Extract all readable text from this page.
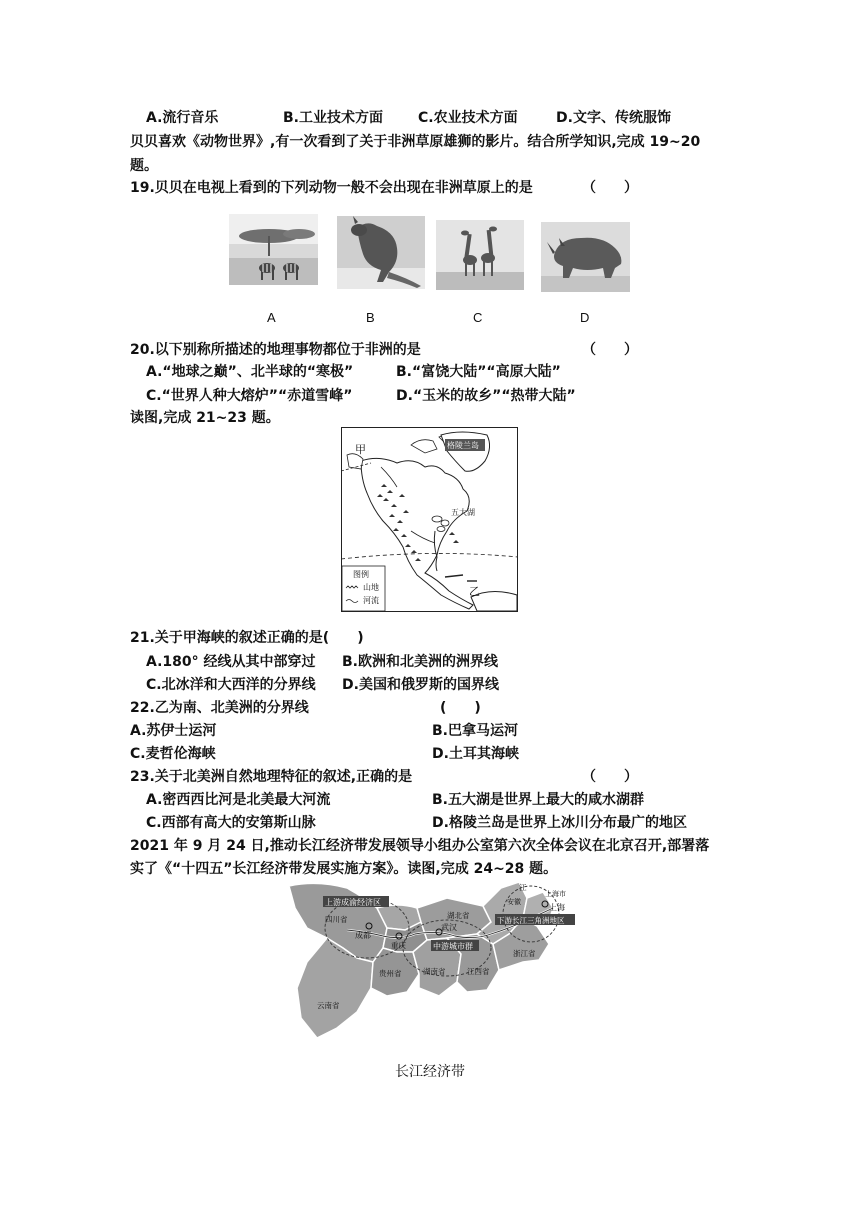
A.流行音乐	B.工业技术方面	C.农业技术方面	D.文字、传统服饰
贝贝喜欢《动物世界》,有一次看到了关于非洲草原雄狮的影片。结合所学知识,完成 19~20
题。
19.贝贝在电视上看到的下列动物一般不会出现在非洲草原上的是	（　　）
A	B	C	D
20.以下别称所描述的地理事物都位于非洲的是	（　　）
A.“地球之巅”、北半球的“寒极”	B.“富饶大陆”“高原大陆”
C.“世界人种大熔炉”“赤道雪峰”	D.“玉米的故乡”“热带大陆”
读图,完成 21~23 题。
格陵兰岛
五大湖
甲
乙
图例
山地
河流
21.关于甲海峡的叙述正确的是(　　)
A.180° 经线从其中部穿过 B.欧洲和北美洲的洲界线
C.北冰洋和大西洋的分界线 D.美国和俄罗斯的国界线
22.乙为南、北美洲的分界线	(　　)
A.苏伊士运河	B.巴拿马运河
C.麦哲伦海峡	D.土耳其海峡
23.关于北美洲自然地理特征的叙述,正确的是	（　　）
A.密西西比河是北美最大河流	B.五大湖是世界上最大的咸水湖群
C.西部有高大的安第斯山脉	D.格陵兰岛是世界上冰川分布最广的地区
2021 年 9 月 24 日,推动长江经济带发展领导小组办公室第六次全体会议在北京召开,部署落
实了《“十四五”长江经济带发展实施方案》。读图,完成 24~28 题。
上游成渝经济区
中游城市群
下游长江三角洲地区
成都
重庆
武汉
上海
上海市
四川省	湖北省
江
安徽
浙江省
江西省
湖南省
贵州省
云南省
长江经济带
